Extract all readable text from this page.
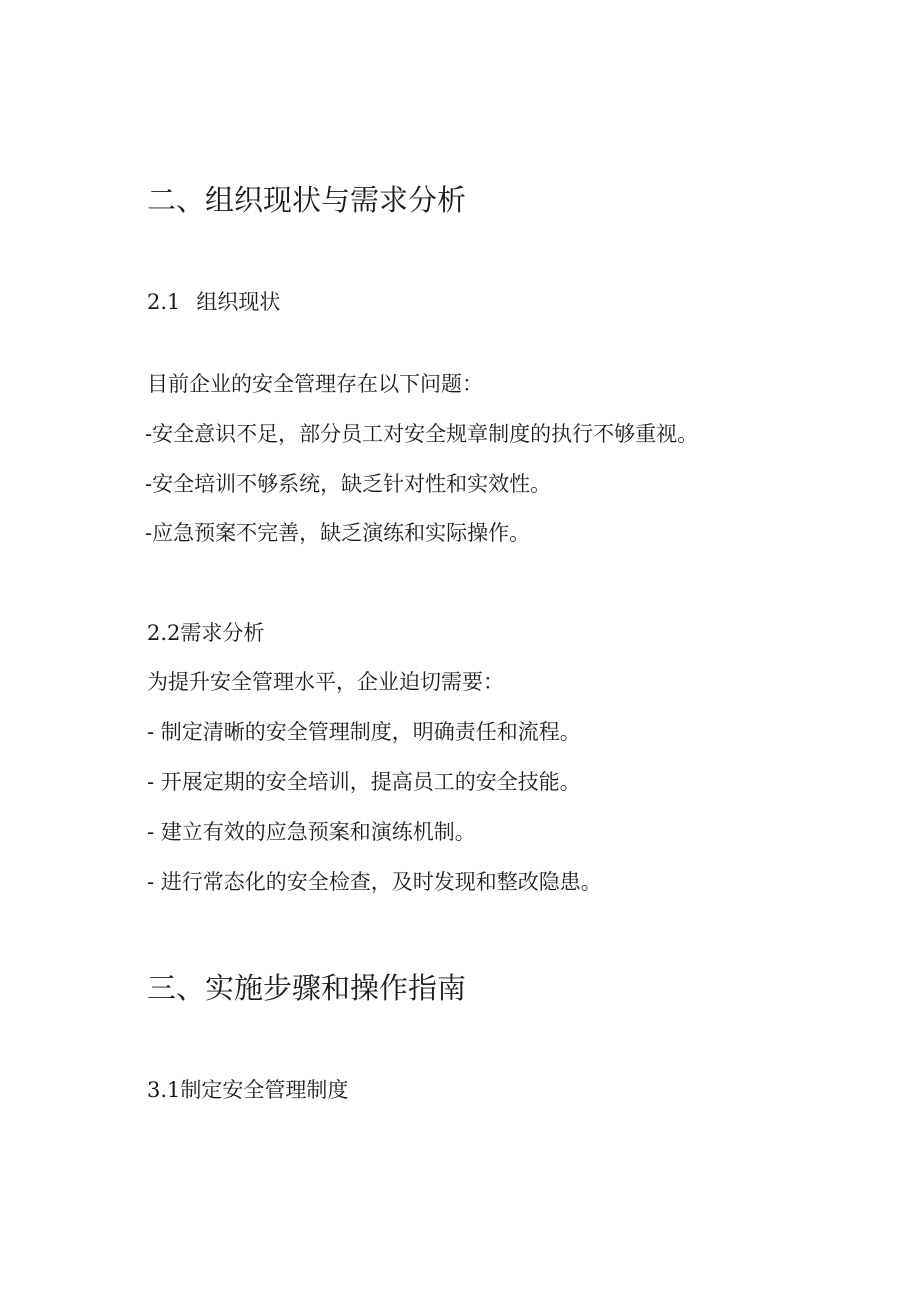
二、组织现状与需求分析
2.1 组织现状
目前企业的安全管理存在以下问题：
-安全意识不足，部分员工对安全规章制度的执行不够重视。
-安全培训不够系统，缺乏针对性和实效性。
-应急预案不完善，缺乏演练和实际操作。
2.2需求分析
为提升安全管理水平，企业迫切需要：
- 制定清晰的安全管理制度，明确责任和流程。
- 开展定期的安全培训，提高员工的安全技能。
- 建立有效的应急预案和演练机制。
- 进行常态化的安全检查，及时发现和整改隐患。
三、实施步骤和操作指南
3.1制定安全管理制度
